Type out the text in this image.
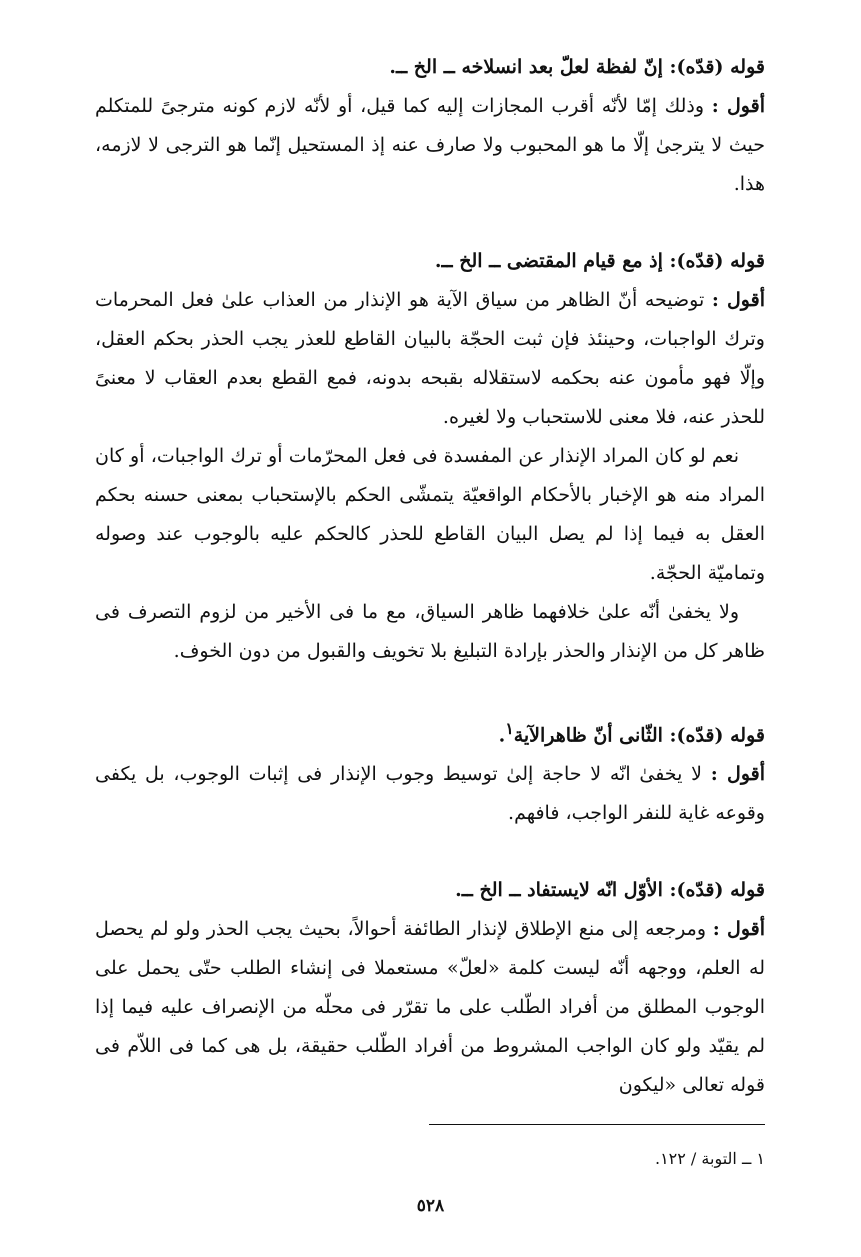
قوله (قدّه): إنّ لفظة لعلّ بعد انسلاخه ــ الخ ــ.

أقول : وذلك إمّا لأنّه أقرب المجازات إليه كما قيل، أو لأنّه لازم كونه مترجىً للمتكلم حيث لا يترجىٰ إلّا ما هو المحبوب ولا صارف عنه إذ المستحيل إنّما هو الترجى لا لازمه، هذا.

قوله (قدّه): إذ مع قيام المقتضى ــ الخ ــ.

أقول : توضيحه أنّ الظاهر من سياق الآية هو الإنذار من العذاب علىٰ فعل المحرمات وترك الواجبات، وحينئذ فإن ثبت الحجّة بالبيان القاطع للعذر يجب الحذر بحكم العقل، وإلّا فهو مأمون عنه بحكمه لاستقلاله بقبحه بدونه، فمع القطع بعدم العقاب لا معنىً للحذر عنه، فلا معنى للاستحباب ولا لغيره.

نعم لو كان المراد الإنذار عن المفسدة فى فعل المحرّمات أو ترك الواجبات، أو كان المراد منه هو الإخبار بالأحكام الواقعيّة يتمشّى الحكم بالإستحباب بمعنى حسنه بحكم العقل به فيما إذا لم يصل البيان القاطع للحذر كالحكم عليه بالوجوب عند وصوله وتماميّة الحجّة.

ولا يخفىٰ أنّه علىٰ خلافهما ظاهر السياق، مع ما فى الأخير من لزوم التصرف فى ظاهر كل من الإنذار والحذر بإرادة التبليغ بلا تخويف والقبول من دون الخوف.

قوله (قدّه): الثّانى أنّ ظاهرالآية$^١$.

أقول : لا يخفىٰ انّه لا حاجة إلىٰ توسيط وجوب الإنذار فى إثبات الوجوب، بل يكفى وقوعه غاية للنفر الواجب، فافهم.

قوله (قدّه): الأوّل انّه لايستفاد ــ الخ ــ.

أقول : ومرجعه إلى منع الإطلاق لإنذار الطائفة أحوالاً، بحيث يجب الحذر ولو لم يحصل له العلم، ووجهه أنّه ليست كلمة «لعلّ» مستعملا فى إنشاء الطلب حتّى يحمل على الوجوب المطلق من أفراد الطّلب على ما تقرّر فى محلّه من الإنصراف عليه فيما إذا لم يقيّد ولو كان الواجب المشروط من أفراد الطّلب حقيقة، بل هى كما فى اللاّم فى قوله تعالى «ليكون

١ ــ التوبة / ١٢٢.

٥٢٨
